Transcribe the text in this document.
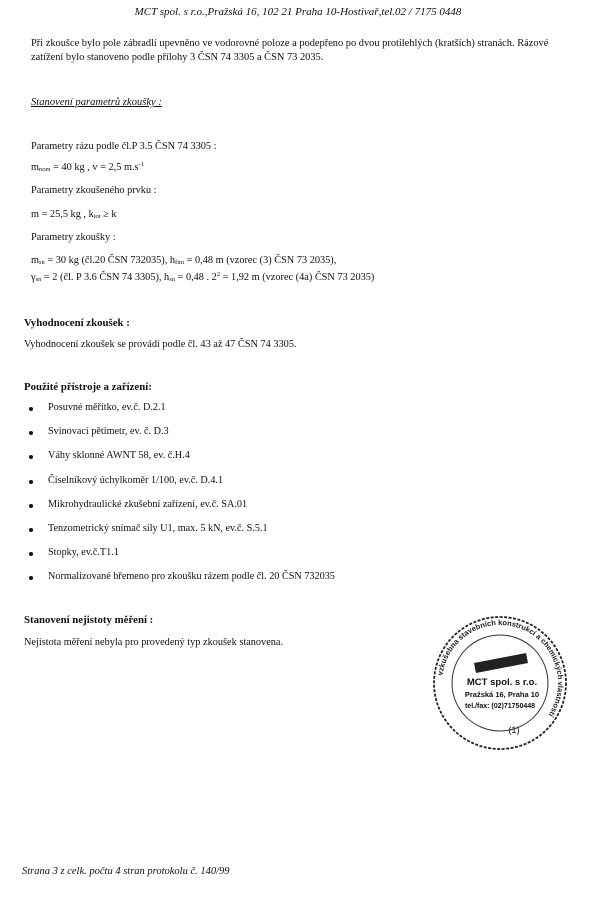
MCT spol. s r.o.,Pražská 16, 102 21 Praha 10-Hostivař,tel.02 / 7175 0448

Při zkoušce bylo pole zábradlí upevněno ve vodorovné poloze a podepřeno po dvou protilehlých (kratších) stranách. Rázové zatížení bylo stanoveno podle přílohy 3 ČSN 74 3305 a ČSN 73 2035.

Stanovení parametrů zkoušky :
Parametry rázu podle čl.P 3.5 ČSN 74 3305 :
$m_{nom} = 40$ kg , v = 2,5 $m.s^{-1}$
Parametry zkoušeného prvku :
m = 25,5 kg , $k_{tot} \ge k$
Parametry zkoušky :
$m_{sn} = 30$ kg (čl.20 ČSN 732035), $h_{fim} = 0,48$ m (vzorec (3) ČSN 73 2035),
$\gamma_{sn} = 2$ (čl. P 3.6 ČSN 74 3305), $h_{sn} = 0,48$ . $2^2 = 1,92$ m (vzorec (4a) ČSN 73 2035)
Vyhodnocení zkoušek :
Vyhodnocení zkoušek se provádí podle čl. 43 až 47 ČSN 74 3305.
Použité přístroje a zařízení:
Posuvné měřítko, ev.č. D.2.1
Svinovací pětimetr, ev. č. D.3
Váhy sklonné AWNT 58, ev. č.H.4
Číselníkový úchylkoměr 1/100, ev.č. D.4.1
Mikrohydraulické zkušební zařízení, ev.č. SA.01
Tenzometrický snímač síly U1, max. 5 kN, ev.č. S.5.1
Stopky, ev.č.T1.1
Normalizované břemeno pro zkoušku rázem podle čl. 20 ČSN 732035
Stanovení nejistoty měření :
Nejistota měření nebyla pro provedený typ zkoušek stanovena.
vzkušebna stavebních konstrukcí a chemických vlastností
MCT spol. s r.o.
Pražská 16, Praha 10
tel./fax: (02)71750448
(1)
Strana 3 z celk. počtu 4 stran protokolu č. 140/99
